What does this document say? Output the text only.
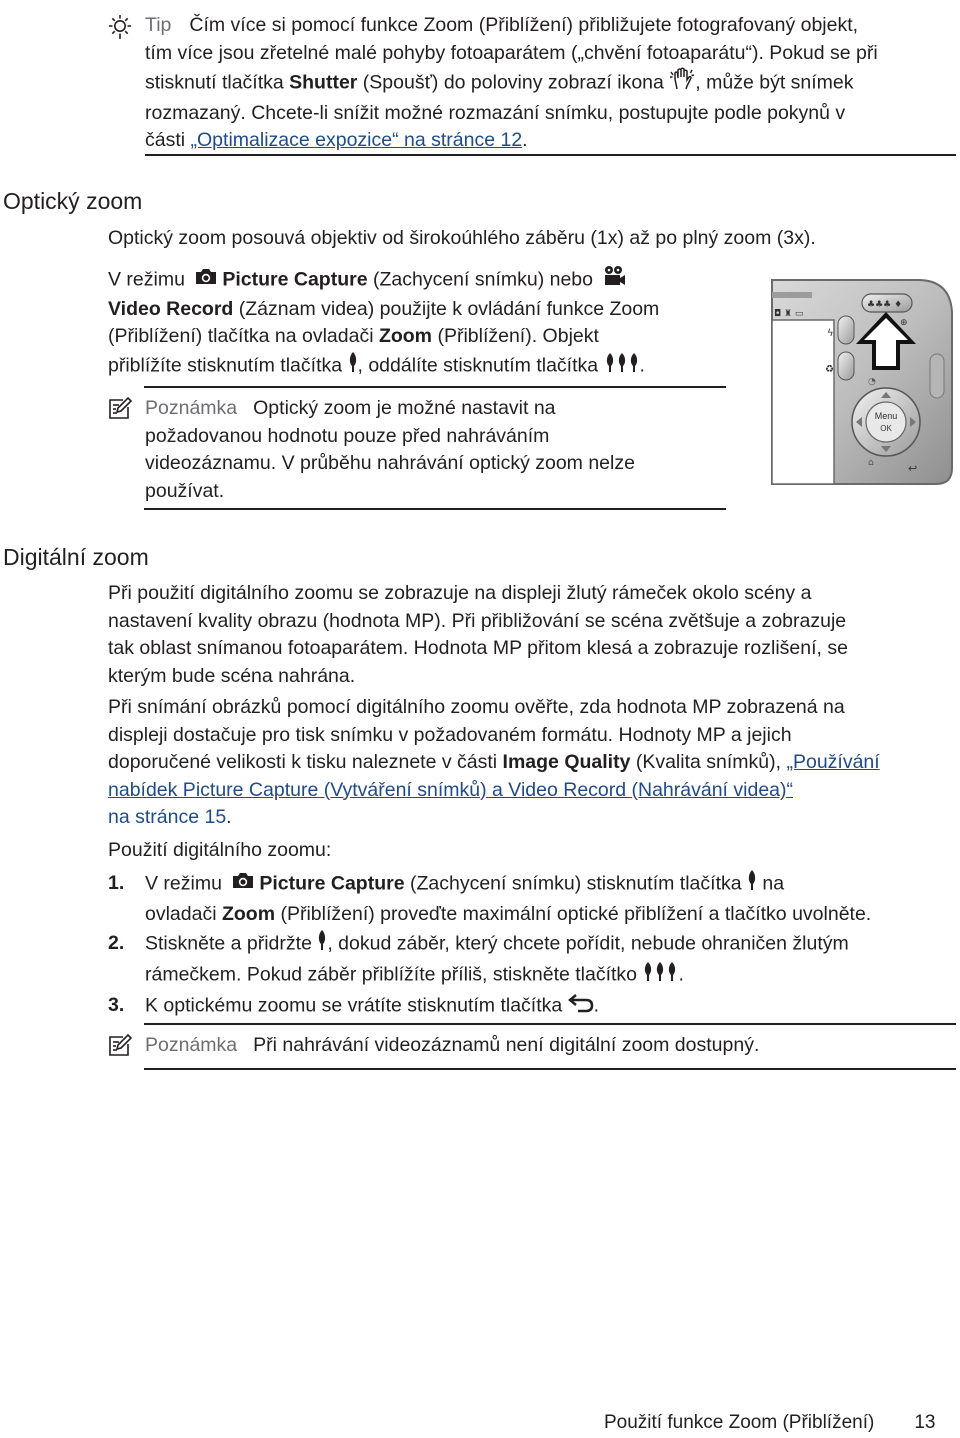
Tip Čím více si pomocí funkce Zoom (Přiblížení) přibližujete fotografovaný objekt,

tím více jsou zřetelné malé pohyby fotoaparátem („chvění fotoaparátu“). Pokud se při

stisknutí tlačítka Shutter (Spoušť) do poloviny zobrazí ikona , může být snímek

rozmazaný. Chcete-li snížit možné rozmazání snímku, postupujte podle pokynů v

části „Optimalizace expozice“ na stránce 12.

Optický zoom
Optický zoom posouvá objektiv od širokoúhlého záběru (1x) až po plný zoom (3x).

V režimu Picture Capture (Zachycení snímku) nebo

Video Record (Záznam videa) použijte k ovládání funkce Zoom

(Přiblížení) tlačítka na ovladači Zoom (Přiblížení). Objekt

přiblížíte stisknutím tlačítka , oddálíte stisknutím tlačítka .

Poznámka Optický zoom je možné nastavit na

požadovanou hodnotu pouze před nahráváním

videozáznamu. V průběhu nahrávání optický zoom nelze

používat.

◘ ♜ ▭
♣♣♣ ♦
⊕
ϟ
♻
Menu
OK
◔
⌂	↩
Digitální zoom

Při použití digitálního zoomu se zobrazuje na displeji žlutý rámeček okolo scény a

nastavení kvality obrazu (hodnota MP). Při přibližování se scéna zvětšuje a zobrazuje

tak oblast snímanou fotoaparátem. Hodnota MP přitom klesá a zobrazuje rozlišení, se

kterým bude scéna nahrána.

Při snímání obrázků pomocí digitálního zoomu ověřte, zda hodnota MP zobrazená na

displeji dostačuje pro tisk snímku v požadovaném formátu. Hodnoty MP a jejich

doporučené velikosti k tisku naleznete v části Image Quality (Kvalita snímků), „Používání

nabídek Picture Capture (Vytváření snímků) a Video Record (Nahrávání videa)“

na stránce 15.

Použití digitálního zoomu:
1. V režimu Picture Capture (Zachycení snímku) stisknutím tlačítka  na
ovladači Zoom (Přiblížení) proveďte maximální optické přiblížení a tlačítko uvolněte.
2. Stiskněte a přidržte , dokud záběr, který chcete pořídit, nebude ohraničen žlutým
rámečkem. Pokud záběr přiblížíte příliš, stiskněte tlačítko .
3. K optickému zoomu se vrátíte stisknutím tlačítka .

Poznámka Při nahrávání videozáznamů není digitální zoom dostupný.

Použití funkce Zoom (Přiblížení) 13
